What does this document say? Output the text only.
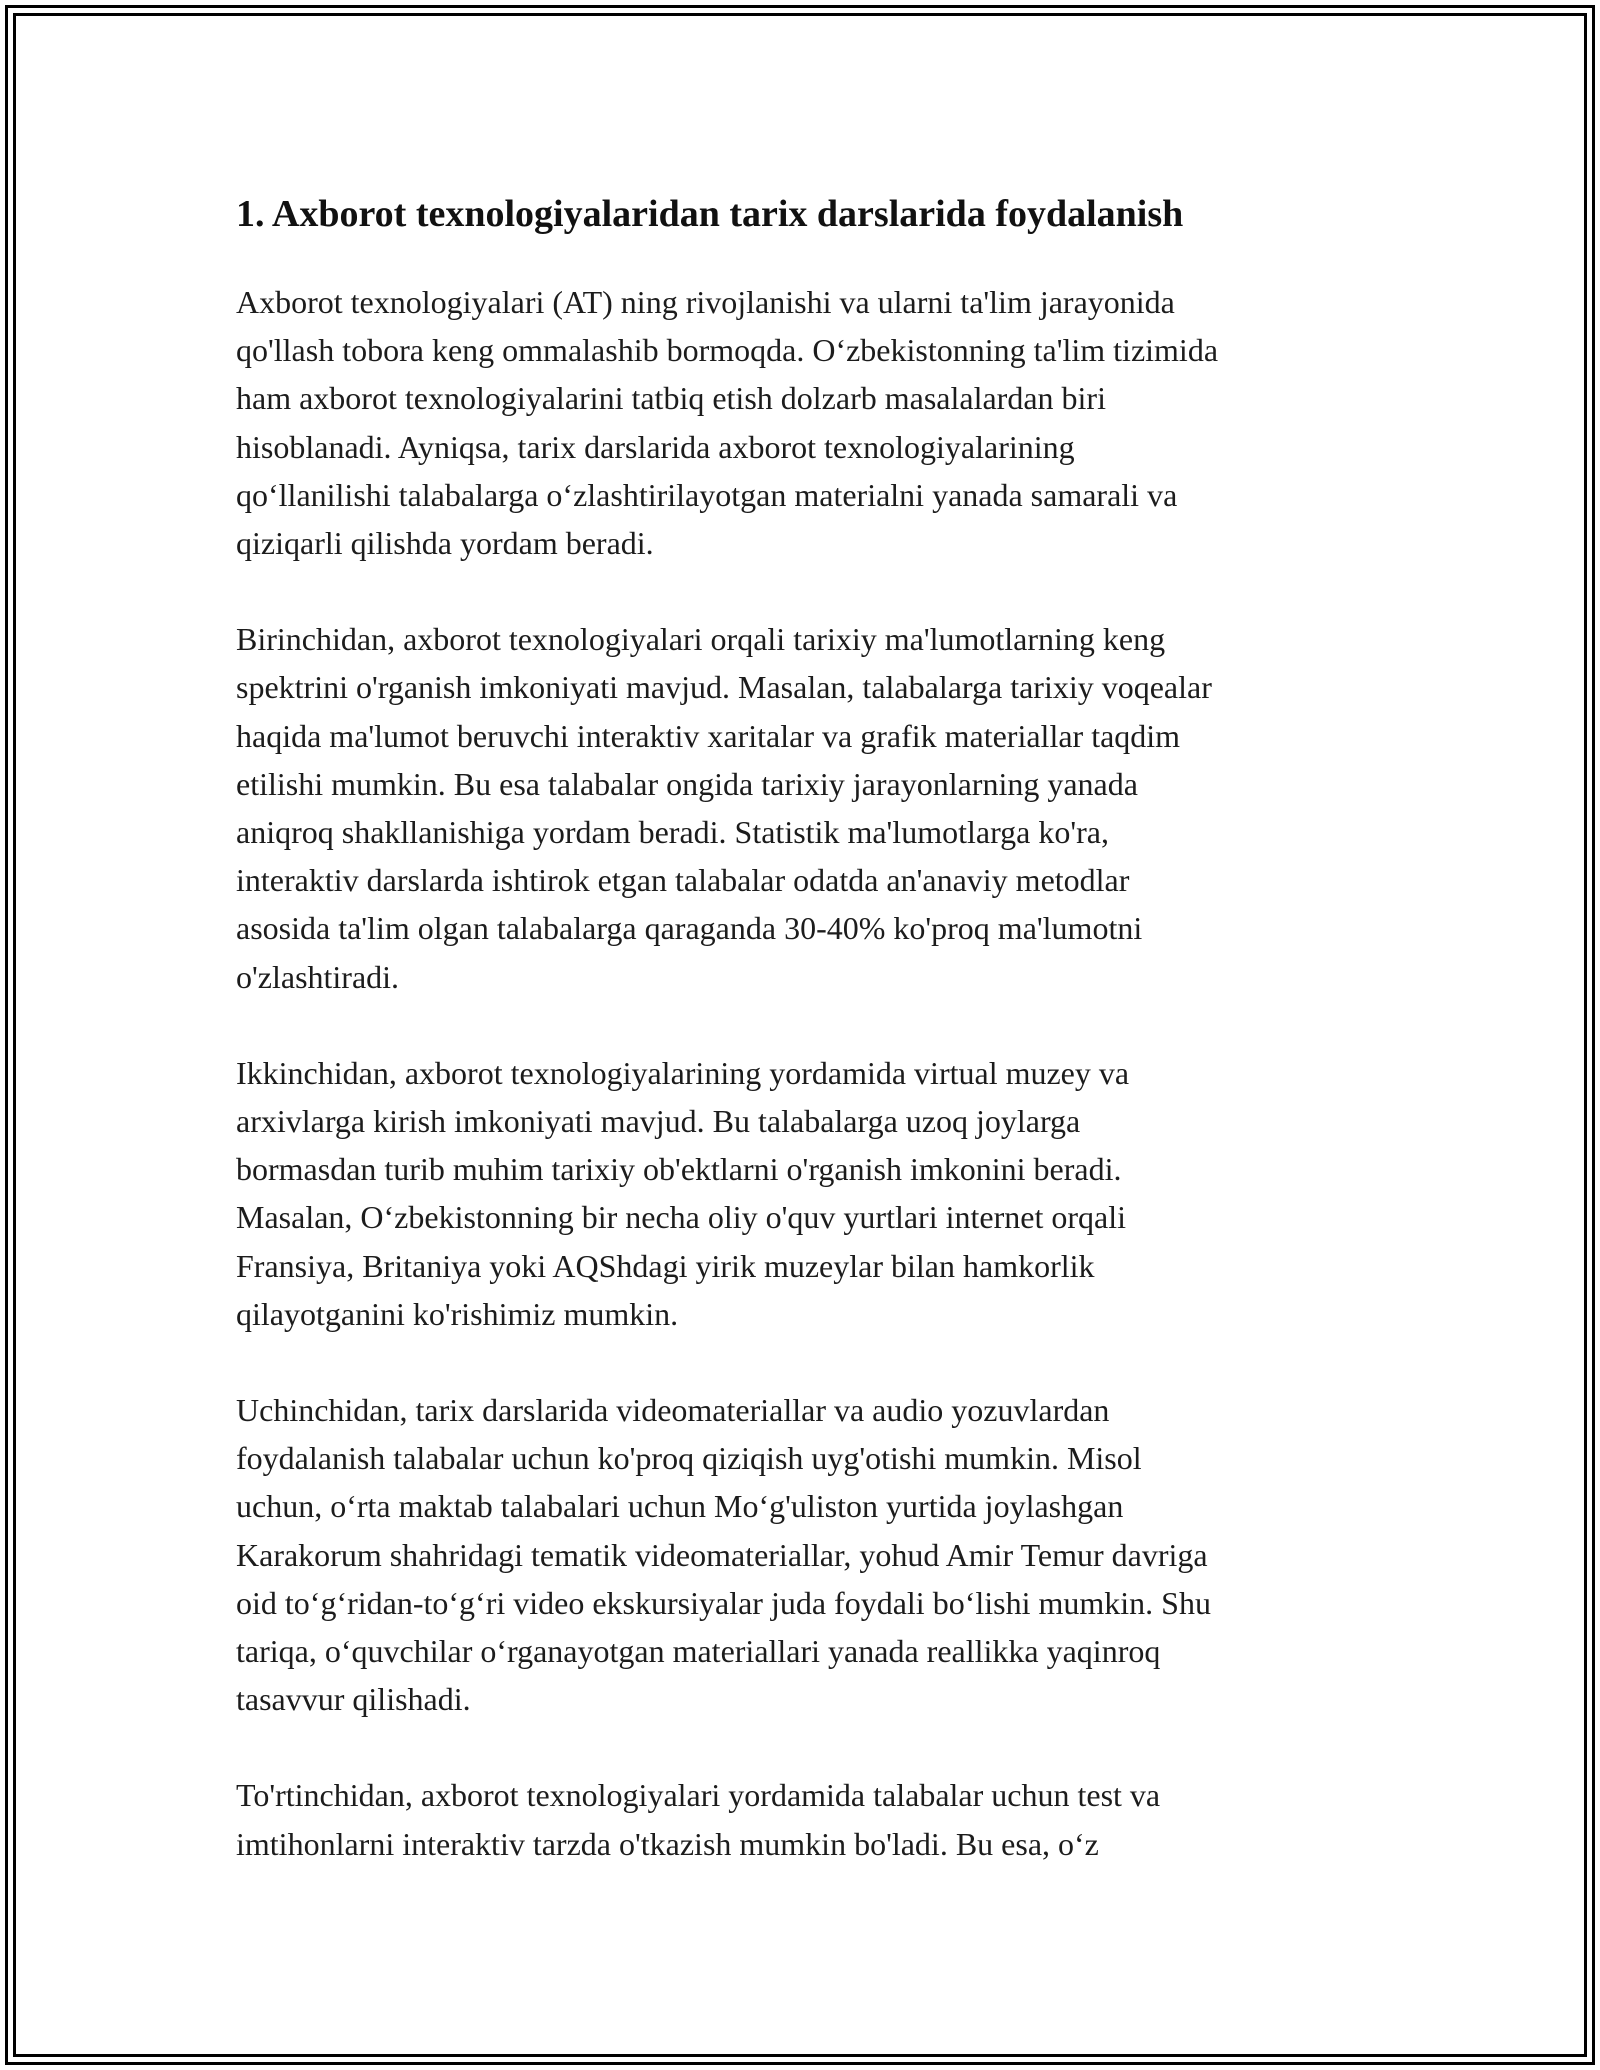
1. Axborot texnologiyalaridan tarix darslarida foydalanish

Axborot texnologiyalari (AT) ning rivojlanishi va ularni ta'lim jarayonida
qo'llash tobora keng ommalashib bormoqda. Oʻzbekistonning ta'lim tizimida
ham axborot texnologiyalarini tatbiq etish dolzarb masalalardan biri
hisoblanadi. Ayniqsa, tarix darslarida axborot texnologiyalarining
qoʻllanilishi talabalarga oʻzlashtirilayotgan materialni yanada samarali va
qiziqarli qilishda yordam beradi.

Birinchidan, axborot texnologiyalari orqali tarixiy ma'lumotlarning keng
spektrini o'rganish imkoniyati mavjud. Masalan, talabalarga tarixiy voqealar
haqida ma'lumot beruvchi interaktiv xaritalar va grafik materiallar taqdim
etilishi mumkin. Bu esa talabalar ongida tarixiy jarayonlarning yanada
aniqroq shakllanishiga yordam beradi. Statistik ma'lumotlarga ko'ra,
interaktiv darslarda ishtirok etgan talabalar odatda an'anaviy metodlar
asosida ta'lim olgan talabalarga qaraganda 30-40% ko'proq ma'lumotni
o'zlashtiradi.

Ikkinchidan, axborot texnologiyalarining yordamida virtual muzey va
arxivlarga kirish imkoniyati mavjud. Bu talabalarga uzoq joylarga
bormasdan turib muhim tarixiy ob'ektlarni o'rganish imkonini beradi.
Masalan, Oʻzbekistonning bir necha oliy o'quv yurtlari internet orqali
Fransiya, Britaniya yoki AQShdagi yirik muzeylar bilan hamkorlik
qilayotganini ko'rishimiz mumkin.

Uchinchidan, tarix darslarida videomateriallar va audio yozuvlardan
foydalanish talabalar uchun ko'proq qiziqish uyg'otishi mumkin. Misol
uchun, oʻrta maktab talabalari uchun Moʻg'uliston yurtida joylashgan
Karakorum shahridagi tematik videomateriallar, yohud Amir Temur davriga
oid toʻgʻridan-toʻgʻri video ekskursiyalar juda foydali boʻlishi mumkin. Shu
tariqa, oʻquvchilar oʻrganayotgan materiallari yanada reallikka yaqinroq
tasavvur qilishadi.

To'rtinchidan, axborot texnologiyalari yordamida talabalar uchun test va
imtihonlarni interaktiv tarzda o'tkazish mumkin bo'ladi. Bu esa, oʻz
